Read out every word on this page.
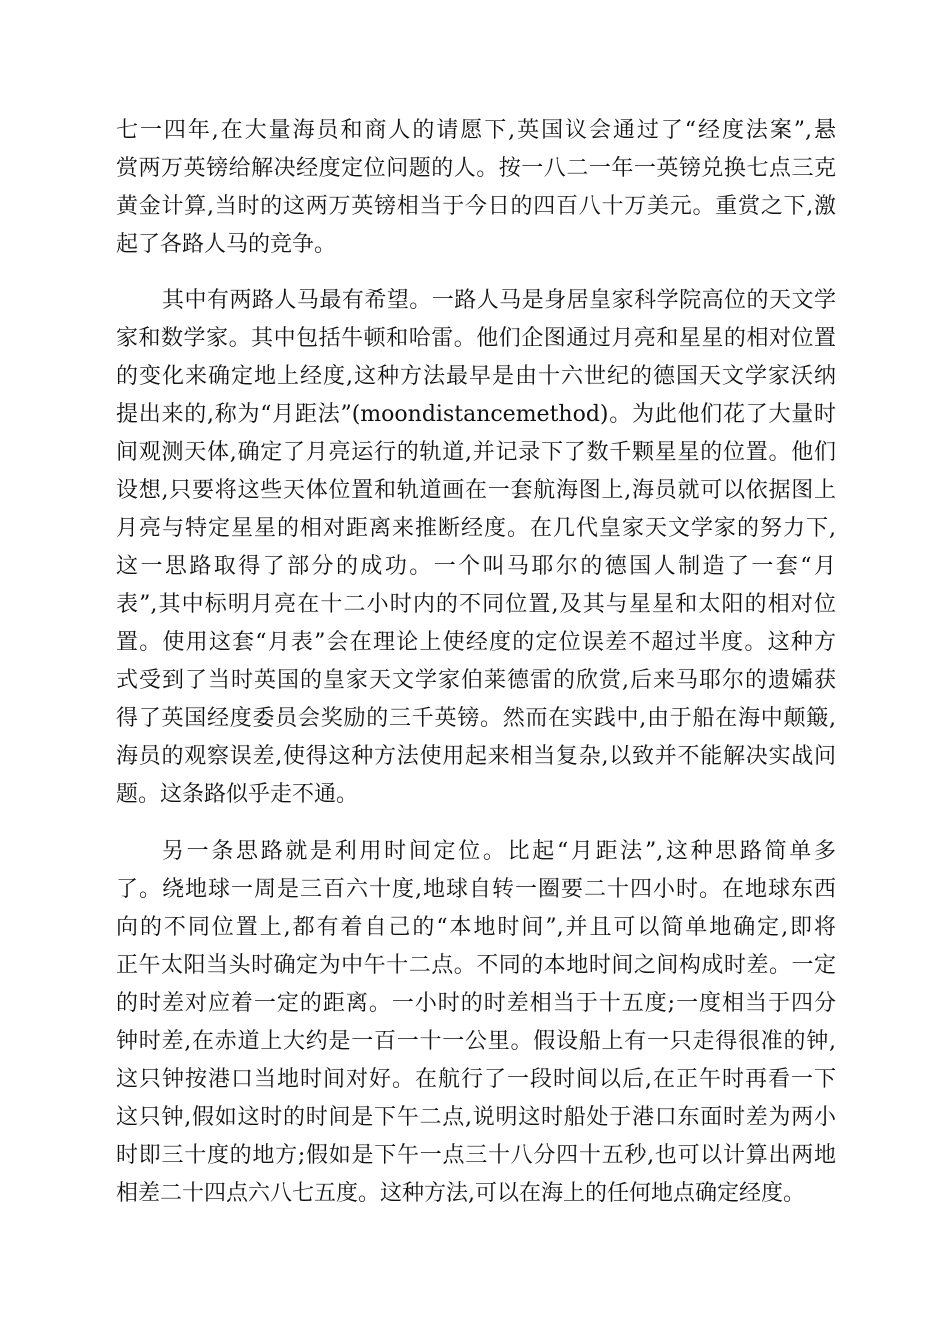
七一四年,在大量海员和商人的请愿下,英国议会通过了“经度法案”,悬
赏两万英镑给解决经度定位问题的人。按一八二一年一英镑兑换七点三克
黄金计算,当时的这两万英镑相当于今日的四百八十万美元。重赏之下,激
起了各路人马的竞争。
其中有两路人马最有希望。一路人马是身居皇家科学院高位的天文学
家和数学家。其中包括牛顿和哈雷。他们企图通过月亮和星星的相对位置
的变化来确定地上经度,这种方法最早是由十六世纪的德国天文学家沃纳
提出来的,称为“月距法”(moondistancemethod)。为此他们花了大量时
间观测天体,确定了月亮运行的轨道,并记录下了数千颗星星的位置。他们
设想,只要将这些天体位置和轨道画在一套航海图上,海员就可以依据图上
月亮与特定星星的相对距离来推断经度。在几代皇家天文学家的努力下,
这一思路取得了部分的成功。一个叫马耶尔的德国人制造了一套“月
表”,其中标明月亮在十二小时内的不同位置,及其与星星和太阳的相对位
置。使用这套“月表”会在理论上使经度的定位误差不超过半度。这种方
式受到了当时英国的皇家天文学家伯莱德雷的欣赏,后来马耶尔的遗孀获
得了英国经度委员会奖励的三千英镑。然而在实践中,由于船在海中颠簸,
海员的观察误差,使得这种方法使用起来相当复杂,以致并不能解决实战问
题。这条路似乎走不通。
另一条思路就是利用时间定位。比起“月距法”,这种思路简单多
了。绕地球一周是三百六十度,地球自转一圈要二十四小时。在地球东西
向的不同位置上,都有着自己的“本地时间”,并且可以简单地确定,即将
正午太阳当头时确定为中午十二点。不同的本地时间之间构成时差。一定
的时差对应着一定的距离。一小时的时差相当于十五度;一度相当于四分
钟时差,在赤道上大约是一百一十一公里。假设船上有一只走得很准的钟,
这只钟按港口当地时间对好。在航行了一段时间以后,在正午时再看一下
这只钟,假如这时的时间是下午二点,说明这时船处于港口东面时差为两小
时即三十度的地方;假如是下午一点三十八分四十五秒,也可以计算出两地
相差二十四点六八七五度。这种方法,可以在海上的任何地点确定经度。
